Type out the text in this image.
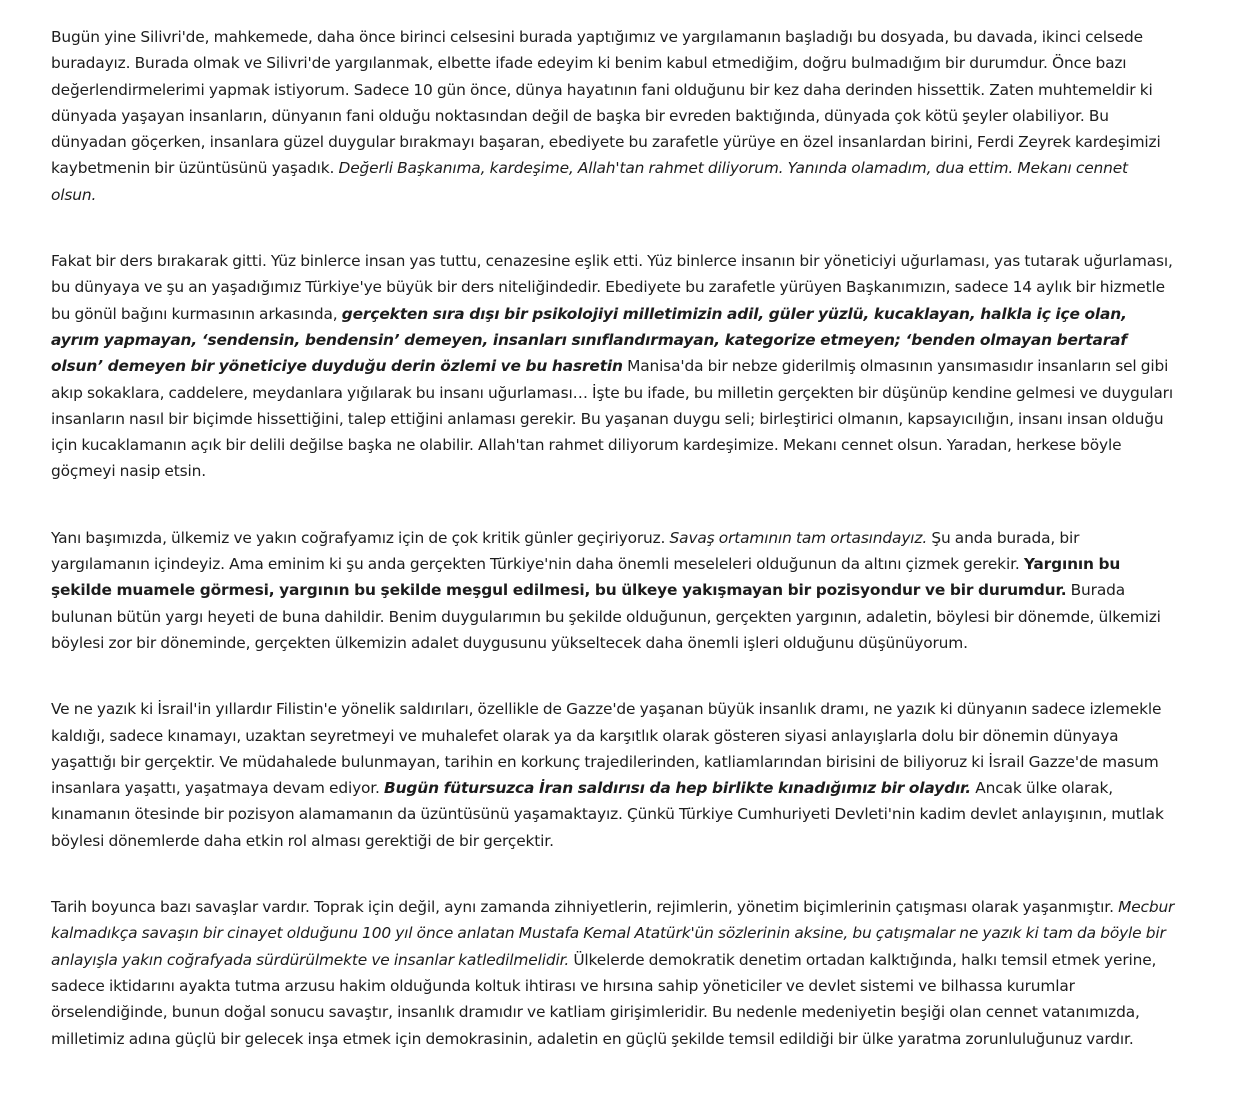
Bugün yine Silivri'de, mahkemede, daha önce birinci celsesini burada yaptığımız ve yargılamanın başladığı bu dosyada, bu davada, ikinci celsede buradayız. Burada olmak ve Silivri'de yargılanmak, elbette ifade edeyim ki benim kabul etmediğim, doğru bulmadığım bir durumdur. Önce bazı değerlendirmelerimi yapmak istiyorum. Sadece 10 gün önce, dünya hayatının fani olduğunu bir kez daha derinden hissettik. Zaten muhtemeldir ki dünyada yaşayan insanların, dünyanın fani olduğu noktasından değil de başka bir evreden baktığında, dünyada çok kötü şeyler olabiliyor. Bu dünyadan göçerken, insanlara güzel duygular bırakmayı başaran, ebediyete bu zarafetle yürüye en özel insanlardan birini, Ferdi Zeyrek kardeşimizi kaybetmenin bir üzüntüsünü yaşadık. Değerli Başkanıma, kardeşime, Allah'tan rahmet diliyorum. Yanında olamadım, dua ettim. Mekanı cennet olsun.

Fakat bir ders bırakarak gitti. Yüz binlerce insan yas tuttu, cenazesine eşlik etti. Yüz binlerce insanın bir yöneticiyi uğurlaması, yas tutarak uğurlaması, bu dünyaya ve şu an yaşadığımız Türkiye'ye büyük bir ders niteliğindedir. Ebediyete bu zarafetle yürüyen Başkanımızın, sadece 14 aylık bir hizmetle bu gönül bağını kurmasının arkasında, gerçekten sıra dışı bir psikolojiyi milletimizin adil, güler yüzlü, kucaklayan, halkla iç içe olan, ayrım yapmayan, ‘sendensin, bendensin’ demeyen, insanları sınıflandırmayan, kategorize etmeyen; ‘benden olmayan bertaraf olsun’ demeyen bir yöneticiye duyduğu derin özlemi ve bu hasretin Manisa'da bir nebze giderilmiş olmasının yansımasıdır insanların sel gibi akıp sokaklara, caddelere, meydanlara yığılarak bu insanı uğurlaması… İşte bu ifade, bu milletin gerçekten bir düşünüp kendine gelmesi ve duyguları insanların nasıl bir biçimde hissettiğini, talep ettiğini anlaması gerekir. Bu yaşanan duygu seli; birleştirici olmanın, kapsayıcılığın, insanı insan olduğu için kucaklamanın açık bir delili değilse başka ne olabilir. Allah'tan rahmet diliyorum kardeşimize. Mekanı cennet olsun. Yaradan, herkese böyle göçmeyi nasip etsin.

Yanı başımızda, ülkemiz ve yakın coğrafyamız için de çok kritik günler geçiriyoruz. Savaş ortamının tam ortasındayız. Şu anda burada, bir yargılamanın içindeyiz. Ama eminim ki şu anda gerçekten Türkiye'nin daha önemli meseleleri olduğunun da altını çizmek gerekir. Yargının bu şekilde muamele görmesi, yargının bu şekilde meşgul edilmesi, bu ülkeye yakışmayan bir pozisyondur ve bir durumdur. Burada bulunan bütün yargı heyeti de buna dahildir. Benim duygularımın bu şekilde olduğunun, gerçekten yargının, adaletin, böylesi bir dönemde, ülkemizi böylesi zor bir döneminde, gerçekten ülkemizin adalet duygusunu yükseltecek daha önemli işleri olduğunu düşünüyorum.

Ve ne yazık ki İsrail'in yıllardır Filistin'e yönelik saldırıları, özellikle de Gazze'de yaşanan büyük insanlık dramı, ne yazık ki dünyanın sadece izlemekle kaldığı, sadece kınamayı, uzaktan seyretmeyi ve muhalefet olarak ya da karşıtlık olarak gösteren siyasi anlayışlarla dolu bir dönemin dünyaya yaşattığı bir gerçektir. Ve müdahalede bulunmayan, tarihin en korkunç trajedilerinden, katliamlarından birisini de biliyoruz ki İsrail Gazze'de masum insanlara yaşattı, yaşatmaya devam ediyor. Bugün fütursuzca İran saldırısı da hep birlikte kınadığımız bir olaydır. Ancak ülke olarak, kınamanın ötesinde bir pozisyon alamamanın da üzüntüsünü yaşamaktayız. Çünkü Türkiye Cumhuriyeti Devleti'nin kadim devlet anlayışının, mutlak böylesi dönemlerde daha etkin rol alması gerektiği de bir gerçektir.

Tarih boyunca bazı savaşlar vardır. Toprak için değil, aynı zamanda zihniyetlerin, rejimlerin, yönetim biçimlerinin çatışması olarak yaşanmıştır. Mecbur kalmadıkça savaşın bir cinayet olduğunu 100 yıl önce anlatan Mustafa Kemal Atatürk'ün sözlerinin aksine, bu çatışmalar ne yazık ki tam da böyle bir anlayışla yakın coğrafyada sürdürülmekte ve insanlar katledilmelidir. Ülkelerde demokratik denetim ortadan kalktığında, halkı temsil etmek yerine, sadece iktidarını ayakta tutma arzusu hakim olduğunda koltuk ihtirası ve hırsına sahip yöneticiler ve devlet sistemi ve bilhassa kurumlar örselendiğinde, bunun doğal sonucu savaştır, insanlık dramıdır ve katliam girişimleridir. Bu nedenle medeniyetin beşiği olan cennet vatanımızda, milletimiz adına güçlü bir gelecek inşa etmek için demokrasinin, adaletin en güçlü şekilde temsil edildiği bir ülke yaratma zorunluluğunuz vardır.
